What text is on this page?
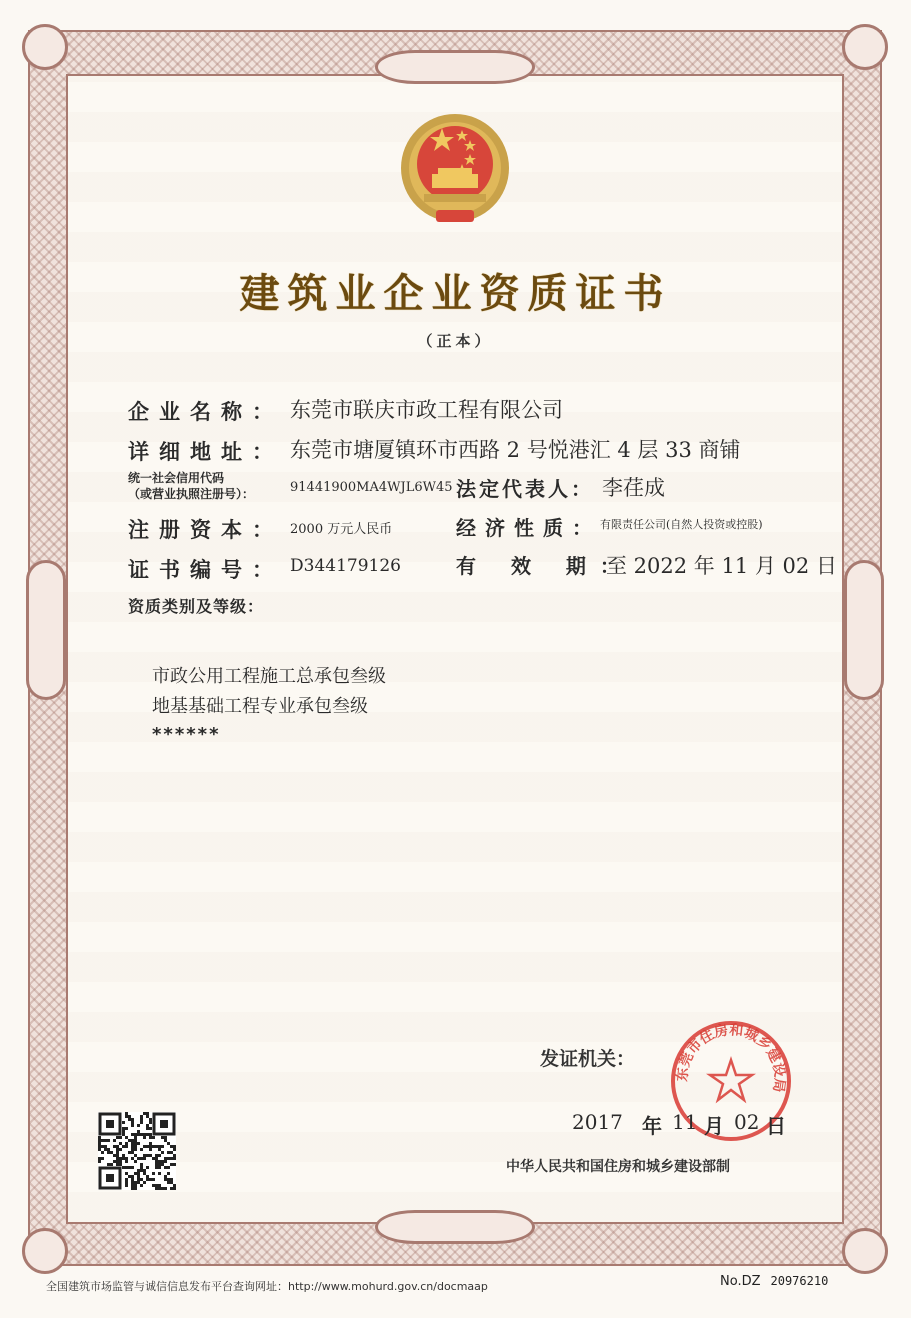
建筑业企业资质证书
（正本）
企业名称： 东莞市联庆市政工程有限公司
详细地址： 东莞市塘厦镇环市西路 2 号悦港汇 4 层 33 商铺
统一社会信用代码
（或营业执照注册号）：	91441900MA4WJL6W45 法定代表人： 李荏成
注册资本： 2000 万元人民币	经济性质： 有限责任公司(自然人投资或控股)
证书编号： D344179126	有 效 期：
至 2022 年 11 月 02 日
资质类别及等级：
市政公用工程施工总承包叁级
地基基础工程专业承包叁级
******
发证机关：
东莞市住房和城乡建设局
2017 年 11 月 02 日
中华人民共和国住房和城乡建设部制
全国建筑市场监管与诚信信息发布平台查询网址：http://www.mohurd.gov.cn/docmaap	No.DZ 20976210
